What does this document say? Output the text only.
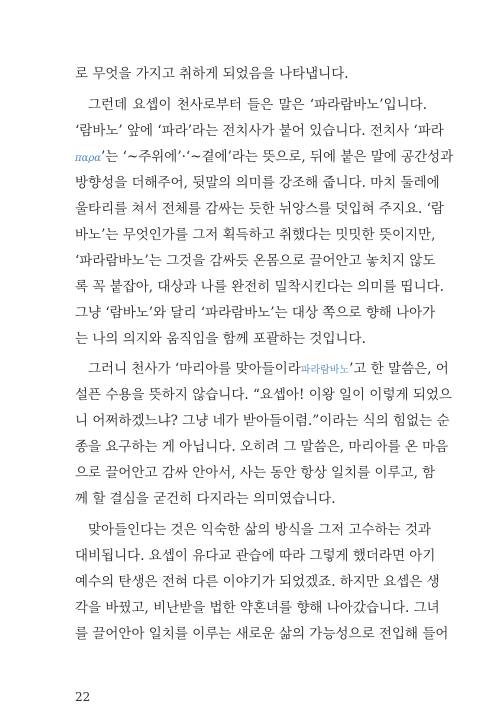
로 무엇을 가지고 취하게 되었음을 나타냅니다.
그런데 요셉이 천사로부터 들은 말은 ‘파라람바노’입니다.
‘람바노’ 앞에 ‘파라’라는 전치사가 붙어 있습니다. 전치사 ‘파라
παρα’는 ‘~주위에’·‘~곁에’라는 뜻으로, 뒤에 붙은 말에 공간성과
방향성을 더해주어, 뒷말의 의미를 강조해 줍니다. 마치 둘레에
울타리를 쳐서 전체를 감싸는 듯한 뉘앙스를 덧입혀 주지요. ‘람
바노’는 무엇인가를 그저 획득하고 취했다는 밋밋한 뜻이지만,
‘파라람바노’는 그것을 감싸듯 온몸으로 끌어안고 놓치지 않도
록 꼭 붙잡아, 대상과 나를 완전히 밀착시킨다는 의미를 띱니다.
그냥 ‘람바노’와 달리 ‘파라람바노’는 대상 쪽으로 향해 나아가
는 나의 의지와 움직임을 함께 포괄하는 것입니다.
그러니 천사가 ‘마리아를 맞아들이라파라람바노’고 한 말씀은, 어
설픈 수용을 뜻하지 않습니다. “요셉아! 이왕 일이 이렇게 되었으
니 어쩌하겠느냐? 그냥 네가 받아들이렴.”이라는 식의 힘없는 순
종을 요구하는 게 아닙니다. 오히려 그 말씀은, 마리아를 온 마음
으로 끌어안고 감싸 안아서, 사는 동안 항상 일치를 이루고, 함
께 할 결심을 굳건히 다지라는 의미였습니다.
맞아들인다는 것은 익숙한 삶의 방식을 그저 고수하는 것과
대비됩니다. 요셉이 유다교 관습에 따라 그렇게 했더라면 아기
예수의 탄생은 전혀 다른 이야기가 되었겠죠. 하지만 요셉은 생
각을 바꿨고, 비난받을 법한 약혼녀를 향해 나아갔습니다. 그녀
를 끌어안아 일치를 이루는 새로운 삶의 가능성으로 전입해 들어
22
